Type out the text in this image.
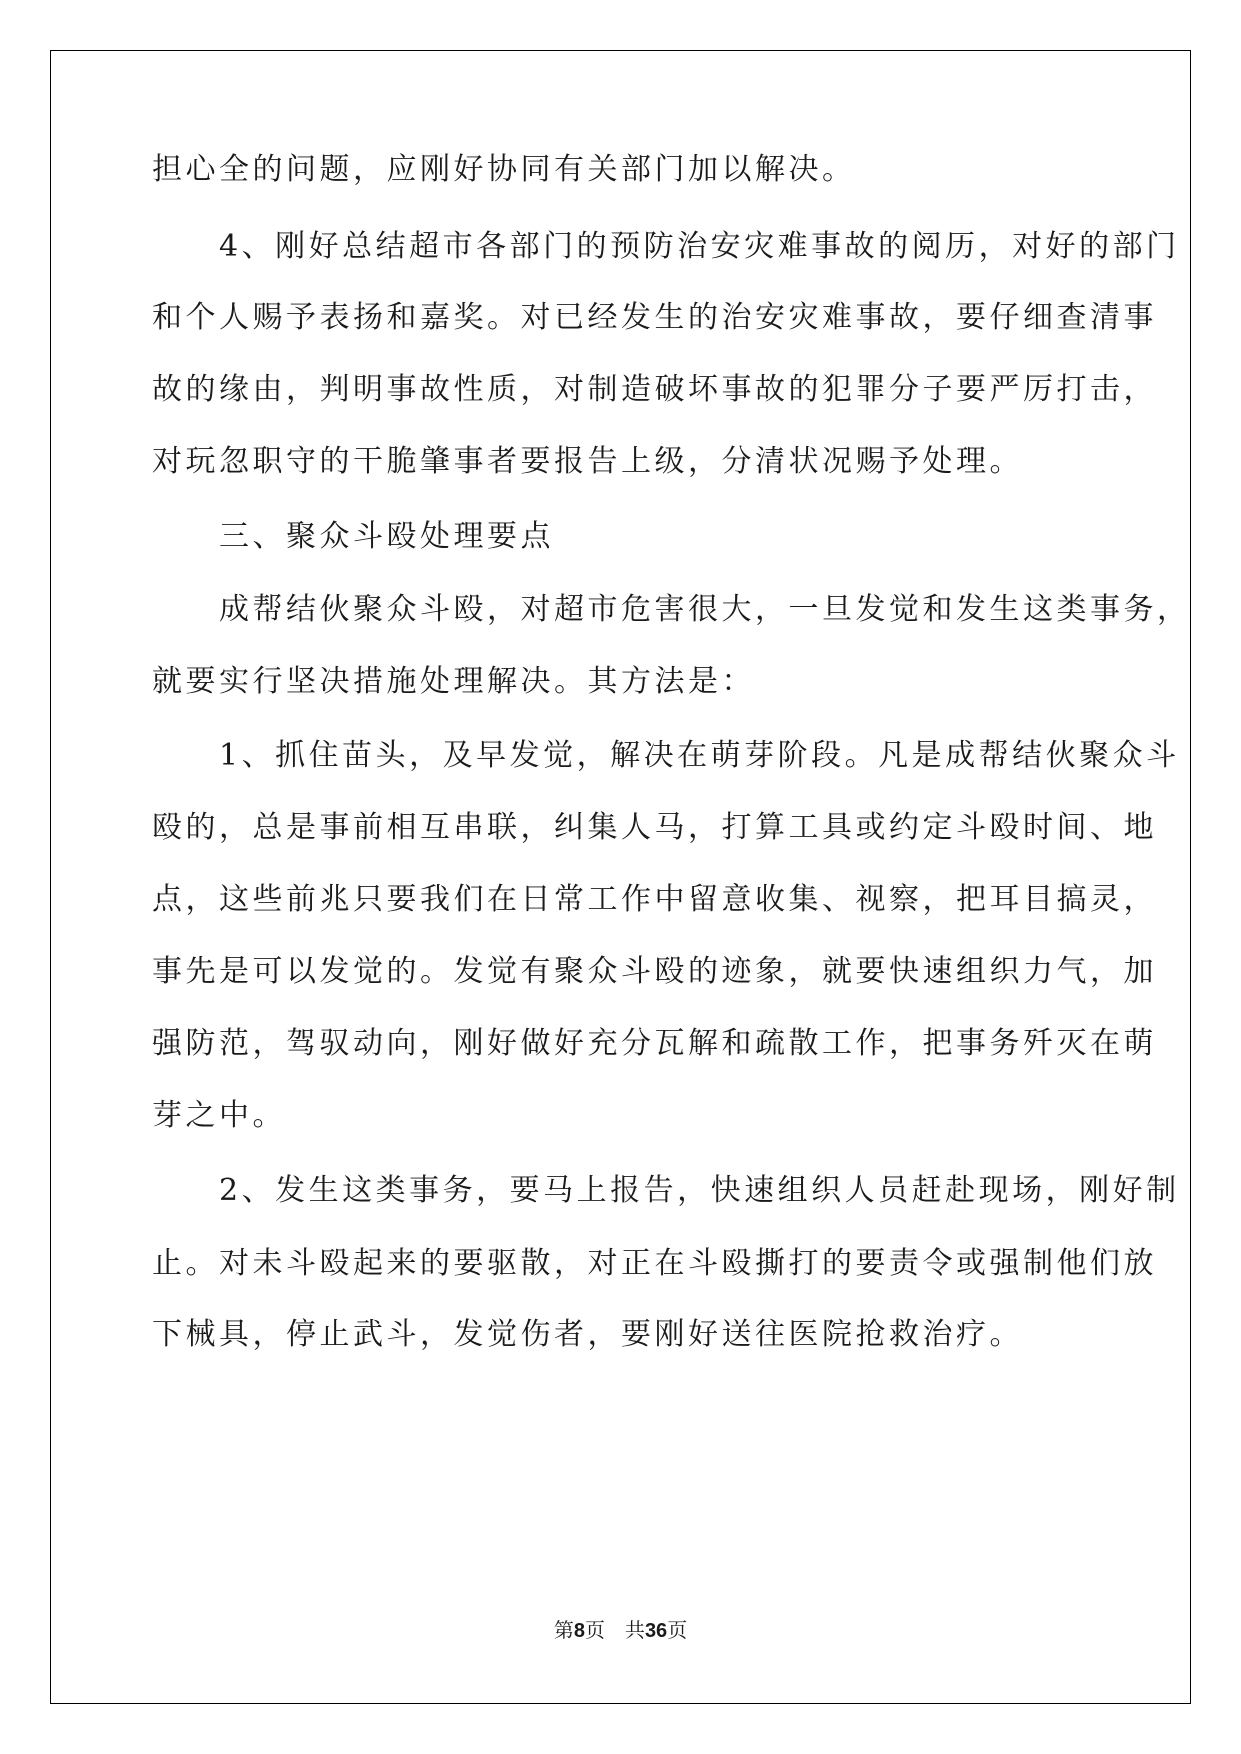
担心全的问题，应刚好协同有关部门加以解决。
　　4、刚好总结超市各部门的预防治安灾难事故的阅历，对好的部门
和个人赐予表扬和嘉奖。对已经发生的治安灾难事故，要仔细查清事
故的缘由，判明事故性质，对制造破坏事故的犯罪分子要严厉打击，
对玩忽职守的干脆肇事者要报告上级，分清状况赐予处理。
　　三、聚众斗殴处理要点
　　成帮结伙聚众斗殴，对超市危害很大，一旦发觉和发生这类事务，
就要实行坚决措施处理解决。其方法是：
　　1、抓住苗头，及早发觉，解决在萌芽阶段。凡是成帮结伙聚众斗
殴的，总是事前相互串联，纠集人马，打算工具或约定斗殴时间、地
点，这些前兆只要我们在日常工作中留意收集、视察，把耳目搞灵，
事先是可以发觉的。发觉有聚众斗殴的迹象，就要快速组织力气，加
强防范，驾驭动向，刚好做好充分瓦解和疏散工作，把事务歼灭在萌
芽之中。
　　2、发生这类事务，要马上报告，快速组织人员赶赴现场，刚好制
止。对未斗殴起来的要驱散，对正在斗殴撕打的要责令或强制他们放
下械具，停止武斗，发觉伤者，要刚好送往医院抢救治疗。
第8页　共36页
